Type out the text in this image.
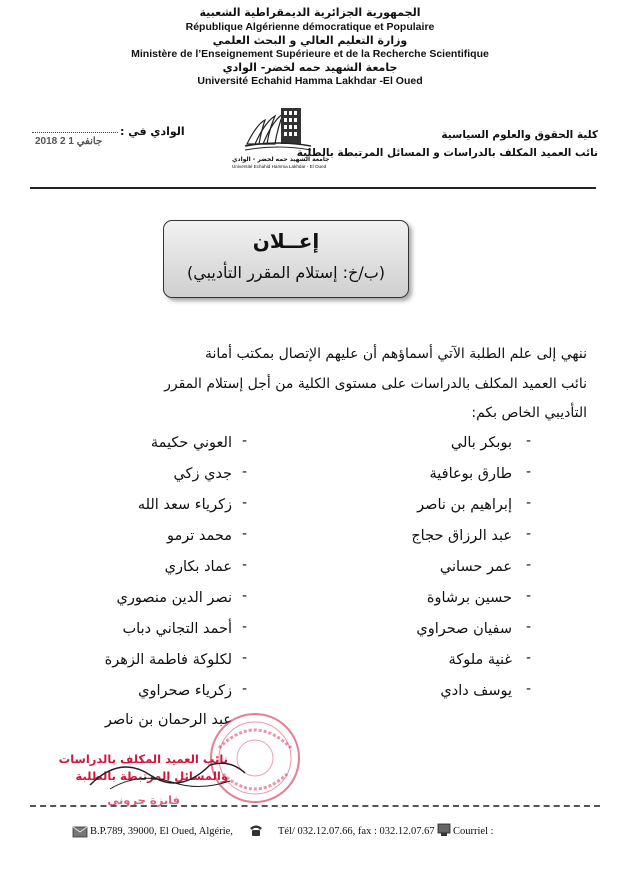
الجمهورية الجزائرية الديمقراطية الشعبية
République Algérienne démocratique et Populaire
وزارة التعليم العالي و البحث العلمي
Ministère de l’Enseignement Supérieure et de la Recherche Scientifique
جامعة الشهيد حمه لخضر- الوادي
Université Echahid Hamma Lakhdar -El Oued
كلية الحقوق والعلوم السياسية
نائب العميد المكلف بالدراسات و المسائل المرتبطة بالطلبة
الوادي في :
2018 جانفي 1 2
جامعة الشهيد حمه لخضر - الوادي
Université Echahid Hamma Lakhdar - El Oued
إعــلان
(ب/خ: إستلام المقرر التأديبي)
ننهي إلى علم الطلبة الآتي أسماؤهم أن عليهم الإتصال بمكتب أمانة
نائب العميد المكلف بالدراسات على مستوى الكلية من أجل إستلام المقرر
التأديبي الخاص بكم:
-
بوبكر بالي
-
طارق بوعافية
-
إبراهيم بن ناصر
-
عبد الرزاق حجاج
-
عمر حساني
-
حسين برشاوة
-
سفيان صحراوي
-
غنية ملوكة
-
يوسف دادي
-
العوني حكيمة
-
جدي زكي
-
زكرياء سعد الله
-
محمد ترمو
-
عماد بكاري
-
نصر الدين منصوري
-
أحمد التجاني دباب
-
لكلوكة فاطمة الزهرة
-
زكرياء صحراوي
عبد الرحمان بن ناصر
نائب العميد المكلف بالدراسات
والمسائل المرتبطة بالطلبة
فايزة جروني
B.P.789, 39000, El Oued, Algérie,	Tél/ 032.12.07.66, fax : 032.12.07.67 Courriel :
